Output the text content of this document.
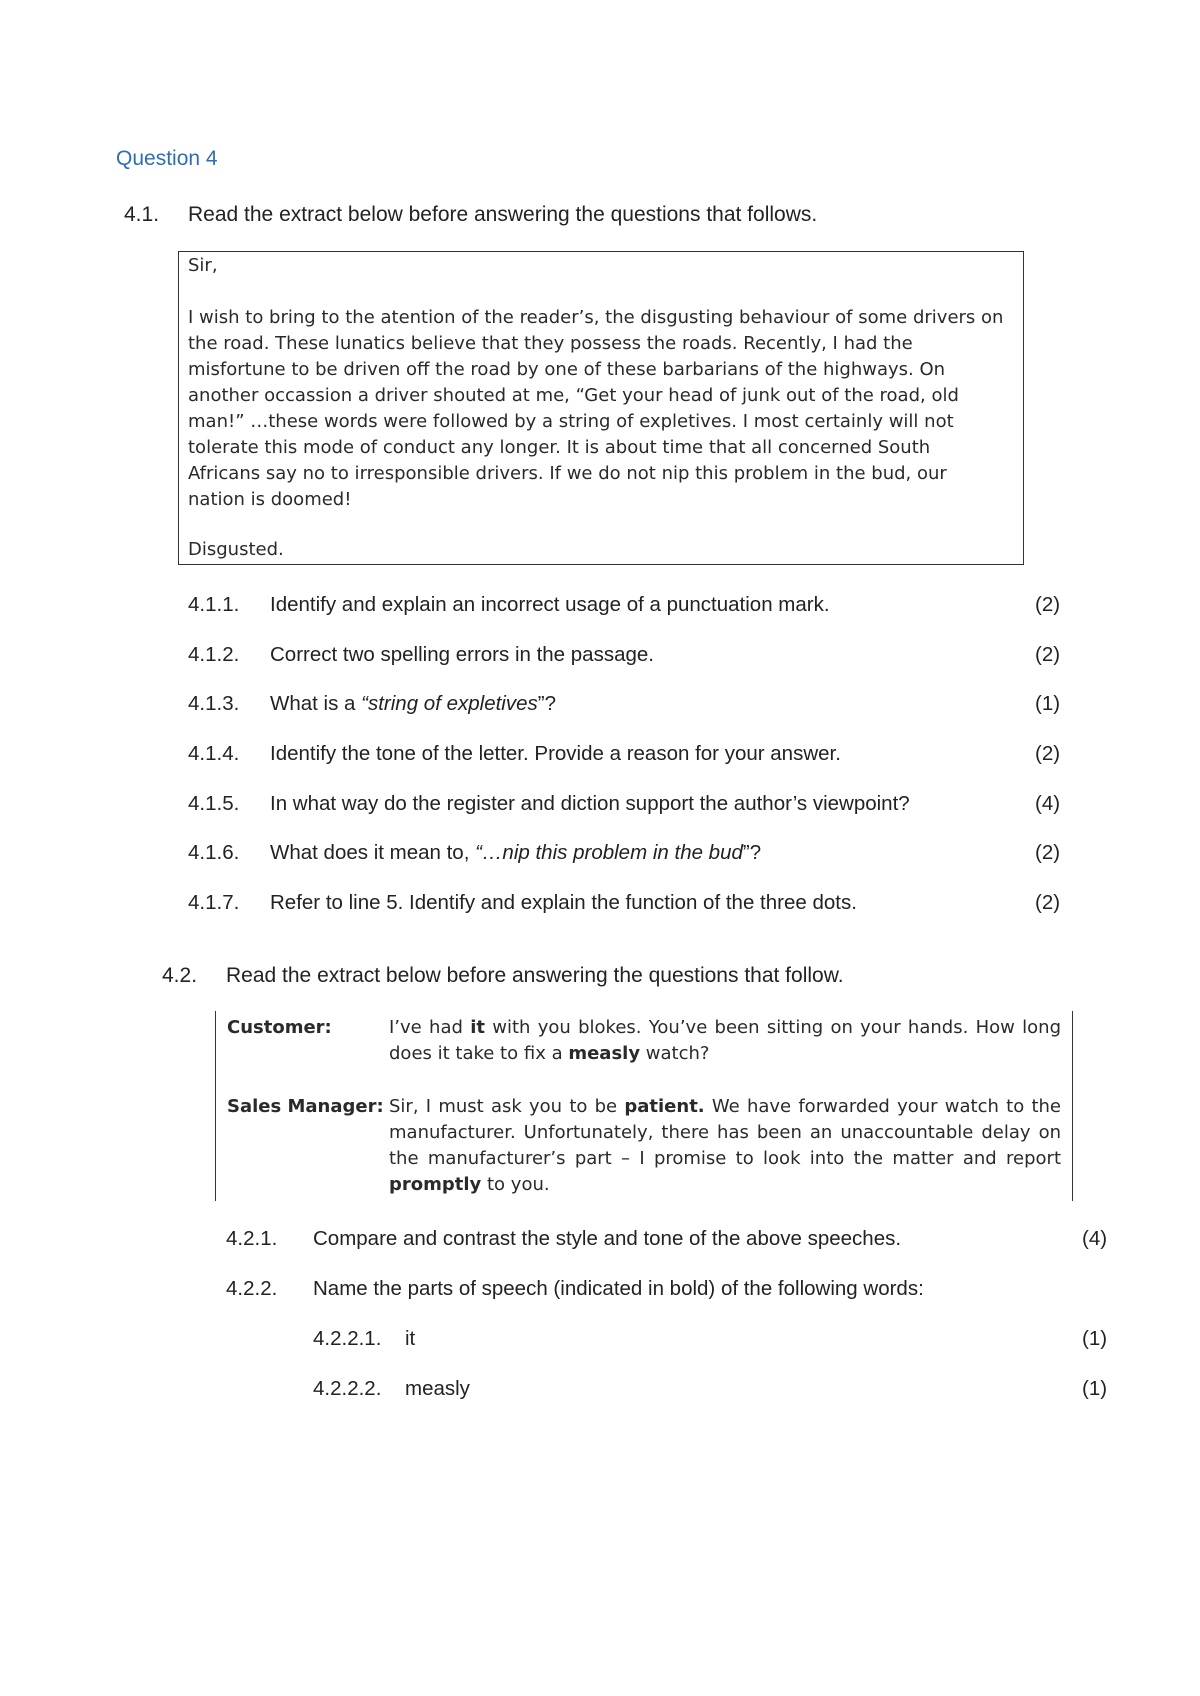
Question 4
4.1. Read the extract below before answering the questions that follows.
Sir,
I wish to bring to the atention of the reader’s, the disgusting behaviour of some drivers on
the road. These lunatics believe that they possess the roads. Recently, I had the
misfortune to be driven off the road by one of these barbarians of the highways. On
another occassion a driver shouted at me, “Get your head of junk out of the road, old
man!” …these words were followed by a string of expletives. I most certainly will not
tolerate this mode of conduct any longer. It is about time that all concerned South
Africans say no to irresponsible drivers. If we do not nip this problem in the bud, our
nation is doomed!
Disgusted.
4.1.1. Identify and explain an incorrect usage of a punctuation mark.	(2)
4.1.2. Correct two spelling errors in the passage.	(2)
4.1.3. What is a “string of expletives”?	(1)
4.1.4. Identify the tone of the letter. Provide a reason for your answer.	(2)
4.1.5. In what way do the register and diction support the author’s viewpoint?	(4)
4.1.6. What does it mean to, “…nip this problem in the bud”?	(2)
4.1.7. Refer to line 5. Identify and explain the function of the three dots.	(2)
4.2. Read the extract below before answering the questions that follow.
Customer:	I’ve had it with you blokes. You’ve been sitting on your hands. How long
does it take to fix a measly watch?
Sales Manager: Sir, I must ask you to be patient. We have forwarded your watch to the
manufacturer. Unfortunately, there has been an unaccountable delay on
the manufacturer’s part – I promise to look into the matter and report
promptly to you.
4.2.1. Compare and contrast the style and tone of the above speeches.	(4)
4.2.2. Name the parts of speech (indicated in bold) of the following words:
4.2.2.1. it	(1)
4.2.2.2. measly	(1)
